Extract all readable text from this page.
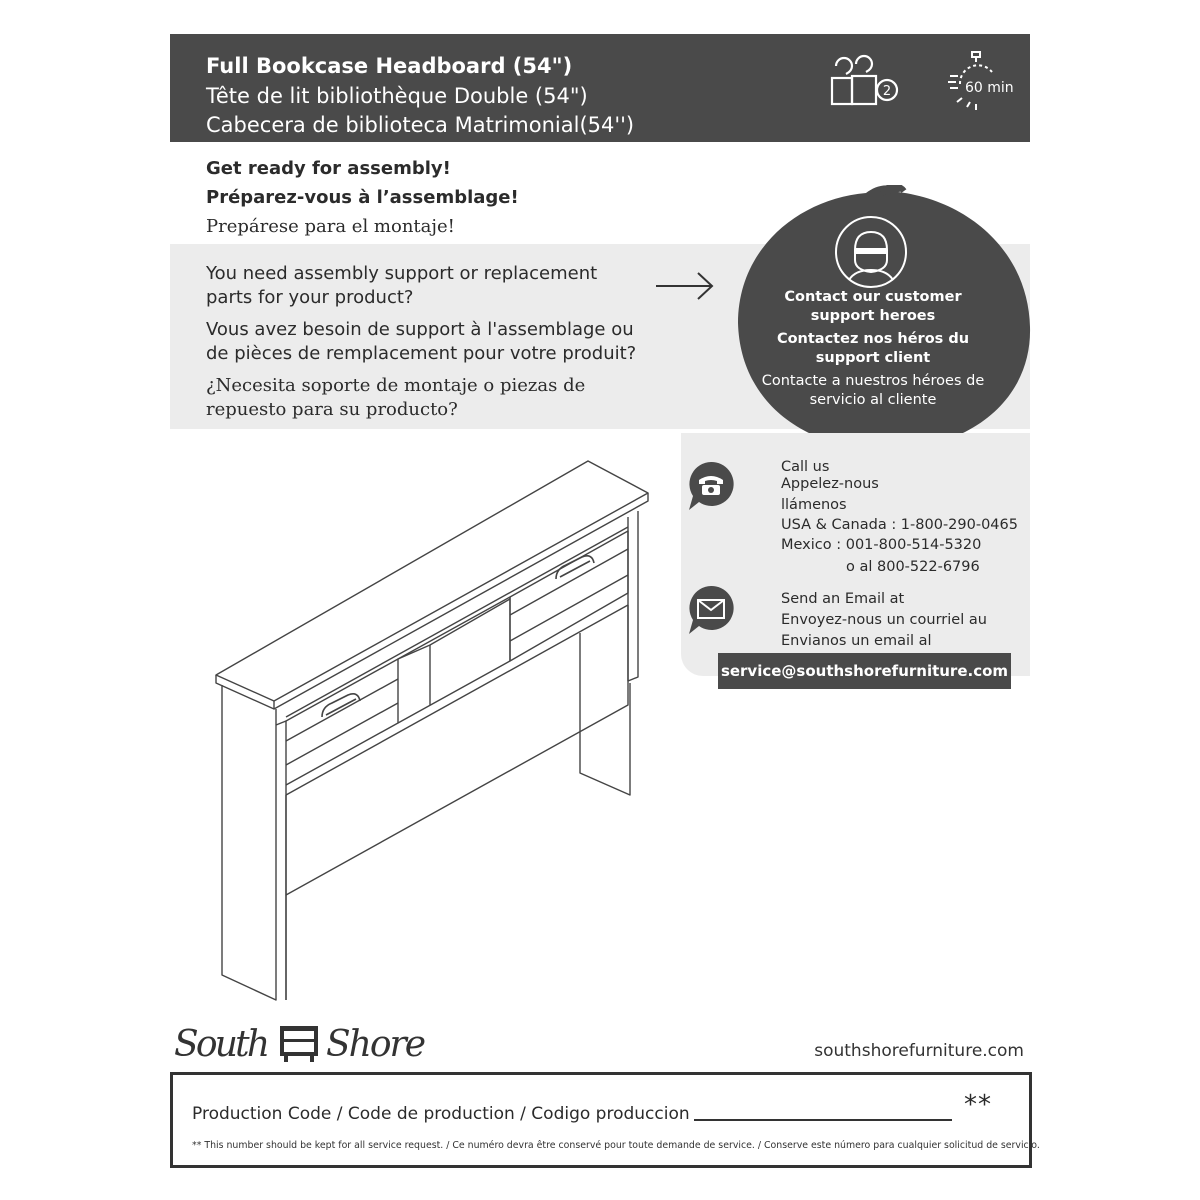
Full Bookcase Headboard (54")
Tête de lit bibliothèque Double (54")
Cabecera de biblioteca Matrimonial(54'')
2	60 min
Get ready for assembly!
Préparez-vous à l’assemblage!
Prepárese para el montaje!

You need assembly support or replacement parts for your product?

Vous avez besoin de support à l'assemblage ou de pièces de remplacement pour votre produit?

¿Necesita soporte de montaje o piezas de repuesto para su producto?

Contact our customer support heroes

Contactez nos héros du support client

Contacte a nuestros héroes de servicio al cliente

Call us
Appelez-nous
llámenos
USA & Canada : 1-800-290-0465
Mexico : 001-800-514-5320
o al 800-522-6796
Send an Email at
Envoyez-nous un courriel au
Envianos un email al
service@southshorefurniture.com
South Shore	southshorefurniture.com
Production Code / Code de production / Codigo produccion	**
** This number should be kept for all service request. / Ce numéro devra être conservé pour toute demande de service. / Conserve este número para cualquier solicitud de servicio.
